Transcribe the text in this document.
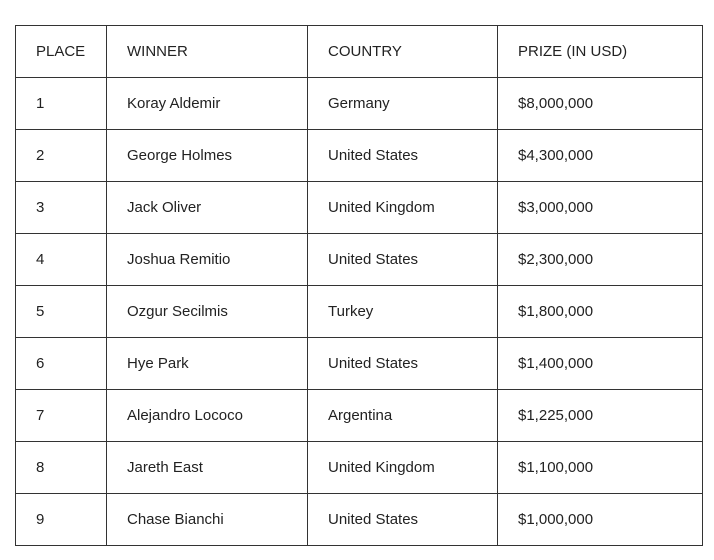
PLACE	WINNER	COUNTRY	PRIZE (IN USD)
1	Koray Aldemir	Germany	$8,000,000
2	George Holmes	United States	$4,300,000
3	Jack Oliver	United Kingdom	$3,000,000
4	Joshua Remitio	United States	$2,300,000
5	Ozgur Secilmis	Turkey	$1,800,000
6	Hye Park	United States	$1,400,000
7	Alejandro Lococo	Argentina	$1,225,000
8	Jareth East	United Kingdom	$1,100,000
9	Chase Bianchi	United States	$1,000,000
